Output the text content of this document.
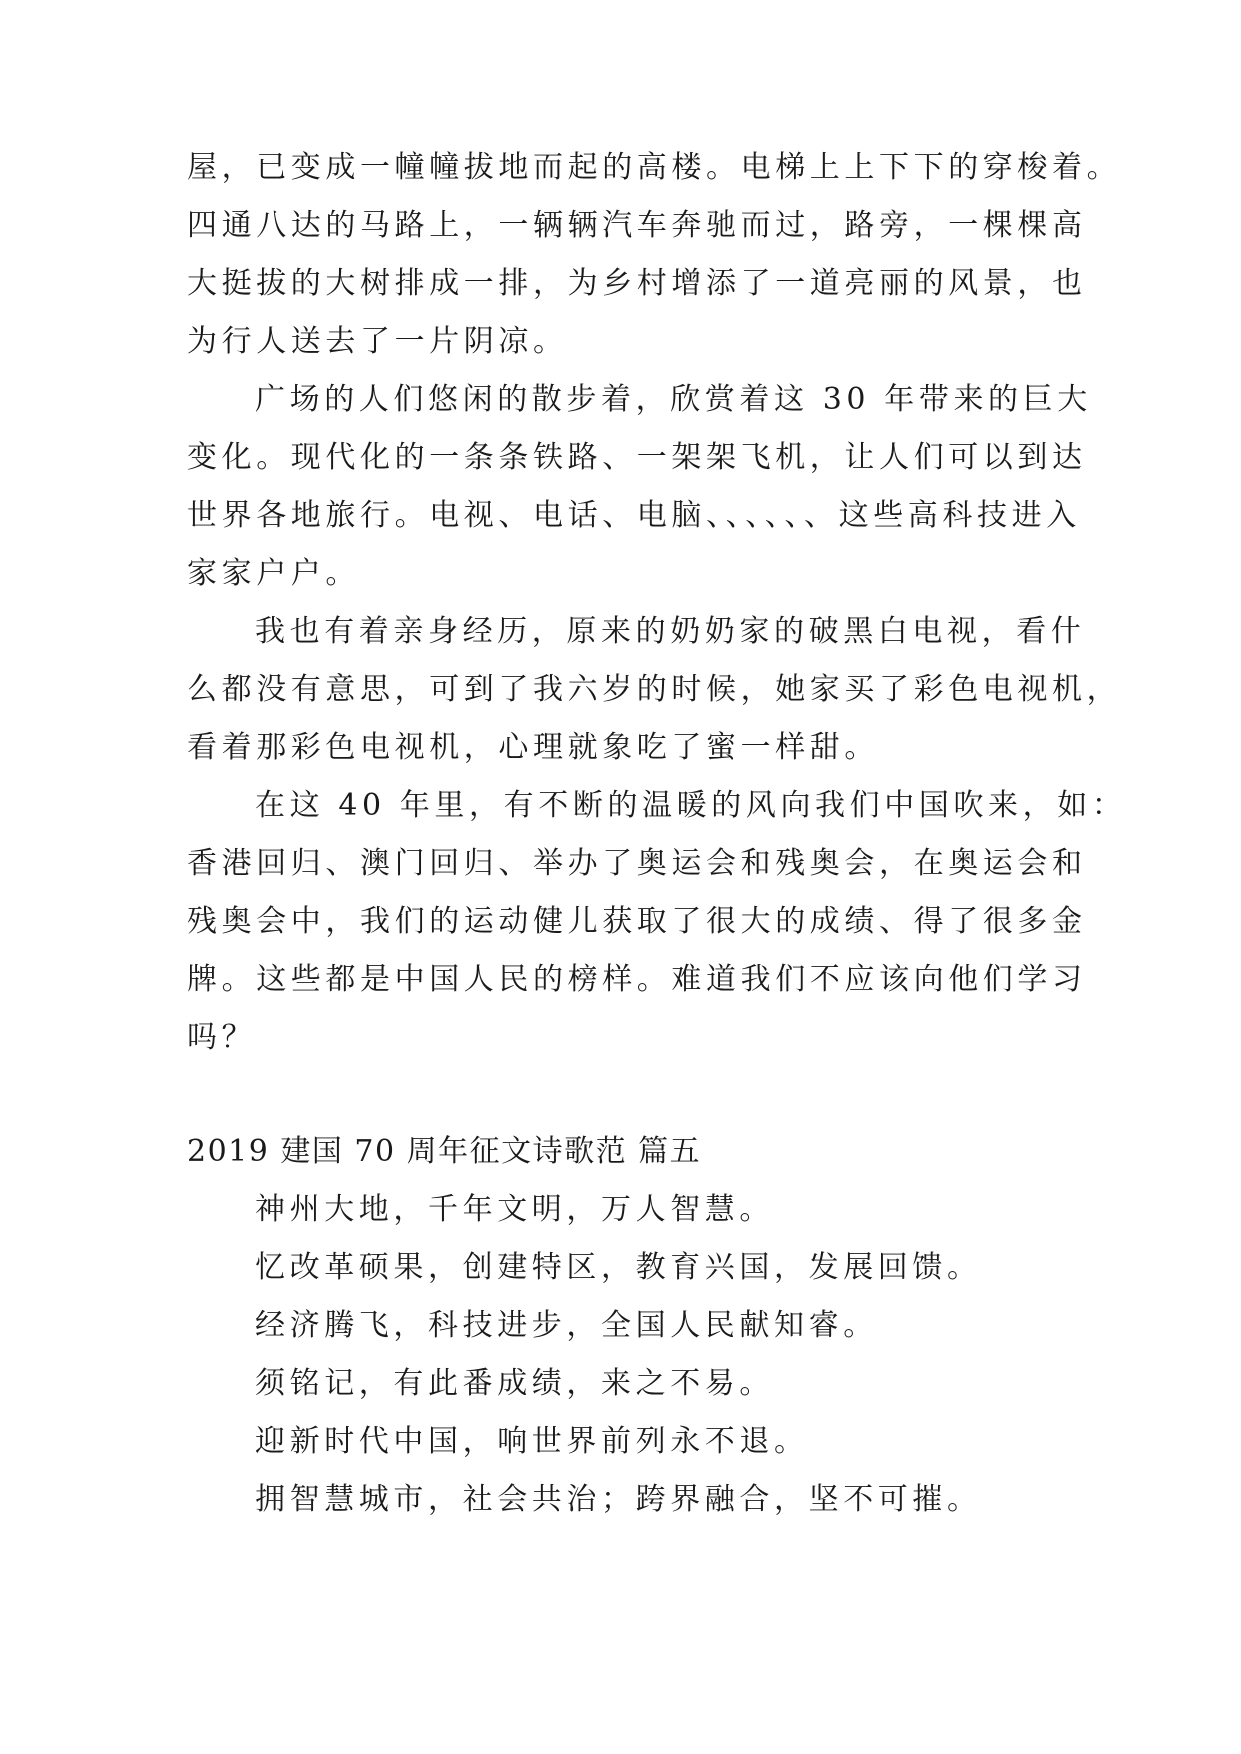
屋，已变成一幢幢拔地而起的高楼。电梯上上下下的穿梭着。
四通八达的马路上，一辆辆汽车奔驰而过，路旁，一棵棵高
大挺拔的大树排成一排，为乡村增添了一道亮丽的风景，也
为行人送去了一片阴凉。
广场的人们悠闲的散步着，欣赏着这 30 年带来的巨大
变化。现代化的一条条铁路、一架架飞机，让人们可以到达
世界各地旅行。电视、电话、电脑、、、、、、这些高科技进入
家家户户。
我也有着亲身经历，原来的奶奶家的破黑白电视，看什
么都没有意思，可到了我六岁的时候，她家买了彩色电视机，
看着那彩色电视机，心理就象吃了蜜一样甜。
在这 40 年里，有不断的温暖的风向我们中国吹来，如：
香港回归、澳门回归、举办了奥运会和残奥会，在奥运会和
残奥会中，我们的运动健儿获取了很大的成绩、得了很多金
牌。这些都是中国人民的榜样。难道我们不应该向他们学习
吗？
2019 建国 70 周年征文诗歌范 篇五
神州大地，千年文明，万人智慧。
忆改革硕果，创建特区，教育兴国，发展回馈。
经济腾飞，科技进步，全国人民献知睿。
须铭记，有此番成绩，来之不易。
迎新时代中国，响世界前列永不退。
拥智慧城市，社会共治；跨界融合，坚不可摧。
